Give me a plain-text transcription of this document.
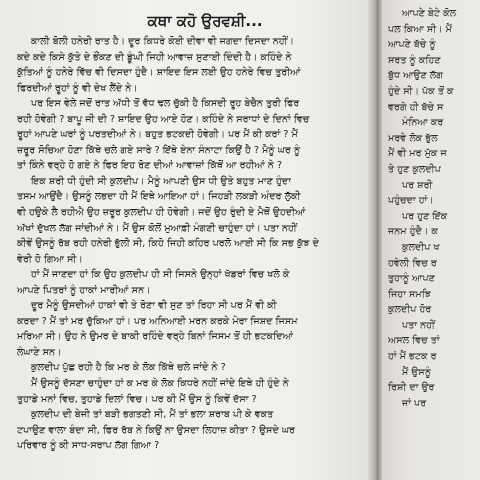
ਕਥਾ ਕਹੋ ਉਰਵਸ਼ੀ...
ਕਾਲੀ ਬੋਲੀ ਹਨੇਰੀ ਰਾਤ ਹੈ। ਦੂਰ ਕਿਧਰੇ ਕੋਈ ਦੀਵਾ ਵੀ ਜਗਦਾ ਦਿਸਦਾ ਨਹੀਂ।
ਕਦੇ ਕਦੇ ਕਿਸੇ ਕੁੱਤੇ ਦੇ ਭੌਂਕਣ ਦੀ ਡੂੰਘੀ ਜਿਹੀ ਆਵਾਜ਼ ਸੁਣਾਈ ਦਿੰਦੀ ਹੈ। ਕਹਿੰਦੇ ਨੇ
ਕੁੱਤਿਆਂ ਨੂੰ ਹਨੇਰੇ ਵਿੱਚ ਵੀ ਦਿਸਦਾ ਹੁੰਦੈ। ਸ਼ਾਇਦ ਇਸ ਲਈ ਉਹ ਹਨੇਰੇ ਵਿਚ ਤੁਰੀਆਂ
ਫਿਰਦੀਆਂ ਰੂਹਾਂ ਨੂੰ ਵੀ ਦੇਖ ਲੈਂਦੇ ਨੇ।
ਪਰ ਇਸ ਵੇਲੇ ਜਦੋਂ ਰਾਤ ਅੱਧੀ ਤੋਂ ਵੱਧ ਢਲ ਚੁੱਕੀ ਹੈ ਕਿਸਦੀ ਰੂਹ ਬੇਚੈਨ ਤੁਰੀ ਫਿਰ
ਰਹੀ ਹੋਵੇਗੀ ? ਬਾਪੂ ਜੀ ਦੀ ? ਸ਼ਾਇਦ ਉਹ ਆਏ ਹੋਣ। ਕਹਿੰਦੇ ਨੇ ਸਰਾਧਾਂ ਦੇ ਦਿਨਾਂ ਵਿਚ
ਰੂਹਾਂ ਆਪਣੇ ਘਰਾਂ ਨੂੰ ਪਰਤਦੀਆਂ ਨੇ। ਬਹੁਤ ਭਟਕਦੀ ਹੋਵੇਗੀ। ਪਰ ਮੈਂ ਕੀ ਕਰਾਂ ? ਮੈਂ
ਜ਼ਰੂਰ ਸੋਚਿਆ ਹੋਣਾ ਕਿੱਥੇ ਚਲੇ ਗਏ ਸਾਰੇ ? ਇੱਥੇ ਏਨਾ ਸੰਨਾਟਾ ਕਿਉਂ ਹੈ ? ਮੈਨੂੰ ਘਰ ਨੂੰ
ਤਾਂ ਕਿੰਨੇ ਵਰ੍ਹੇ ਹੋ ਗਏ ਨੇ ਫਿਰ ਇਹ ਰੋਣ ਦੀਆਂ ਆਵਾਜ਼ਾਂ ਕਿੱਥੋਂ ਆ ਰਹੀਆਂ ਨੇ ?
ਇਕ ਸ਼ਰੀ ਧੀ ਹੁੰਦੀ ਸੀ ਕੁਲਦੀਪ। ਮੈਨੂੰ ਆਪਣੀ ਉਸ ਧੀ ਉਤੇ ਬਹੁਤ ਮਾਣ ਹੁੰਦਾ
ਤਸਮ ਆਉਂਦੈ। ਉਸਨੂੰ ਲਭਦਾ ਹੀ ਮੈਂ ਇਥੇ ਆਇਆ ਹਾਂ। ਜਿਹੜੀ ਲਕੜੀ ਅੰਦਰ ਲੁੱਕੀ
ਵੀ ਹਉਕੇ ਲੈ ਰਹੀਐ ਉਹ ਜ਼ਰੂਰ ਕੁਲਦੀਪ ਹੀ ਹੋਵੇਗੀ। ਜਦੋਂ ਉਹ ਰੁੰਦੀ ਏ ਮੈਥੋਂ ਉਹਦੀਆਂ
ਅੱਖਾਂ ਦੁੱਖਲ ਲੱਗ ਜਾਂਦੀਆਂ ਨੇ। ਮੈਂ ਉਸ ਕੋਲੋਂ ਮੁਆਫ਼ੀ ਮੰਗਣੀ ਚਾਹੁੰਦਾ ਹਾਂ। ਪਤਾ ਨਹੀਂ
ਕੀਵੇਂ ਉਸਨੂੰ ਰੱਬ ਰਹੀ ਹਨੇਰੀ ਭੁੱਲੀ ਸੀ, ਕਿਹੋ ਜਿਹੀ ਕਹਿਰ ਪਰਲੋ ਆਈ ਸੀ ਕਿ ਸਭ ਕੁੱਝ ਦੇ
ਵੇਰੀ ਹੋ ਗਿਆ ਸੀ।
ਹਾਂ ਮੈਂ ਜਾਣਦਾ ਹਾਂ ਕਿ ਉਹ ਕੁਲਦੀਪ ਹੀ ਸੀ ਜਿਸਨੇ ਉਨ੍ਹਾਂ ਖੱਡਰਾਂ ਵਿਚ ਖਲੋ ਕੇ
ਆਪਣੇ ਪਿਤਰਾਂ ਨੂੰ ਹਾਕਾਂ ਮਾਰੀਆਂ ਸਨ।
ਦੂਰ ਮੈਨੂੰ ਉਸਦੀਆਂ ਹਾਕਾਂ ਵੀ ਤੇ ਰੋਣਾ ਵੀ ਸੁਣ ਤਾਂ ਰਿਹਾ ਸੀ ਪਰ ਮੈਂ ਵੀ ਕੀ
ਕਰਦਾ ? ਮੈਂ ਤਾਂ ਮਰ ਚੁੱਕਿਆ ਹਾਂ। ਪਰ ਅਨਿਆਈ ਮਰਨ ਕਰਕੇ ਮੇਰਾ ਜਿਸ਼ਦ ਜਿਸਮ
ਮਰਿਆ ਸੀ। ਉਹ ਨੇ ਉਮਰ ਦੇ ਬਾਕੀ ਰਹਿੰਦੇ ਵਰ੍ਹੇ ਬਿਨਾਂ ਜਿਸਮ ਤੋਂ ਹੀ ਭਟਕਦਿਆਂ
ਲੰਘਾਣੇ ਸਨ।
ਕੁਲਦੀਪ ਪੁੱਛ ਰਹੀ ਹੈ ਕਿ ਮਰ ਕੇ ਲੋਕ ਕਿੱਥੇ ਚਲੇ ਜਾਂਦੇ ਨੇ ?
ਮੈਂ ਉਸਨੂੰ ਦੱਸਣਾ ਚਾਹੁੰਦਾ ਹਾਂ ਕ ਮਰ ਕੇ ਲੋਕ ਕਿਧਰੇ ਨਹੀਂ ਜਾਂਦੇ ਇਥੇ ਹੀ ਹੁੰਦੇ ਨੇ
ਤੁਹਾਡੇ ਮਨਾਂ ਵਿਚ, ਤੁਹਾਡੇ ਦਿਲਾਂ ਵਿਚ। ਪਰ ਕੀ ਮੈਂ ਉਸ ਨੂੰ ਕਿਵੇਂ ਦੱਸਾ ?
ਕੁਲਦੀਪ ਦੀ ਬੇਜੀ ਤਾਂ ਬੜੀ ਭਗਤਣੀ ਸੀ, ਮੈਂ ਤਾਂ ਭਲਾ ਸ਼ਰਾਬ ਪੀ ਕੇ ਵਕਤ
ਟਪਾਉਣ ਵਾਲਾ ਬੰਦਾ ਸੀ, ਫਿਰ ਰੱਬ ਨੇ ਕਿਉਂ ਨਾ ਉਸਦਾ ਲਿਹਾਜ਼ ਕੀਤਾ ? ਉਸਦੇ ਘਰ
ਪਰਿਵਾਰ ਨੂੰ ਕੀ ਸਾਧ-ਸਰਾਪ ਲੱਗ ਗਿਆ ?
ਆਪਣੇ ਬੇਟੇ ਕੋਲ
ਪਲ ਕਿਆ ਸੀ। ਮੈਂ
ਆਪਣੇ ਬੱਚੇ ਨੂੰ
ਸਰਤ ਨੂੰ ਕਹਿਣ
ਬੁੱਧ ਆਉਣ ਲੱਗ
ਹੁੰਦੇ ਸੀ। ਪੱਕ ਤੋਂ ਕ
ਵਰਗੇ ਹੀ ਬੱਚੇ ਸ
ਮੰਨਿਆ ਕਰ
ਮਰਵੇ ਲੋਕ ਭੁੱਲ
ਮੈਂ ਵੀ ਮਰ ਮੁੱਕ ਜ
ਤੇ ਹੁਣ ਕੁਲਦੀਪ
ਪਰ ਸ਼ਰੀ
ਪਹੁੰਚਦਾ ਹਾਂ।
ਪਰ ਹੁਣ ਇੱਕ
ਜਨਮ ਹੁੰਦੈ। ਕ
ਕੁਲਦੀਪ ਖ
ਹਵੇਲੀ ਵਿਚ ਰ
ਤੁਹਾਨੂੰ ਆਪਣ
ਜਿਹਾ ਸਮਝਿ
ਕੁਲਦੀਪ ਹੋਰ
ਪਤਾ ਨਹੀਂ
ਅਸਲ ਵਿਚ ਤਾਂ
ਹਾਂ ਮੈਂ ਭਟਕ ਰ
ਮੈਂ ਉਸਨੂੰ
ਰਿਸ਼ੀ ਦਾ ਉਰ
ਜਾਂ ਪਰ
